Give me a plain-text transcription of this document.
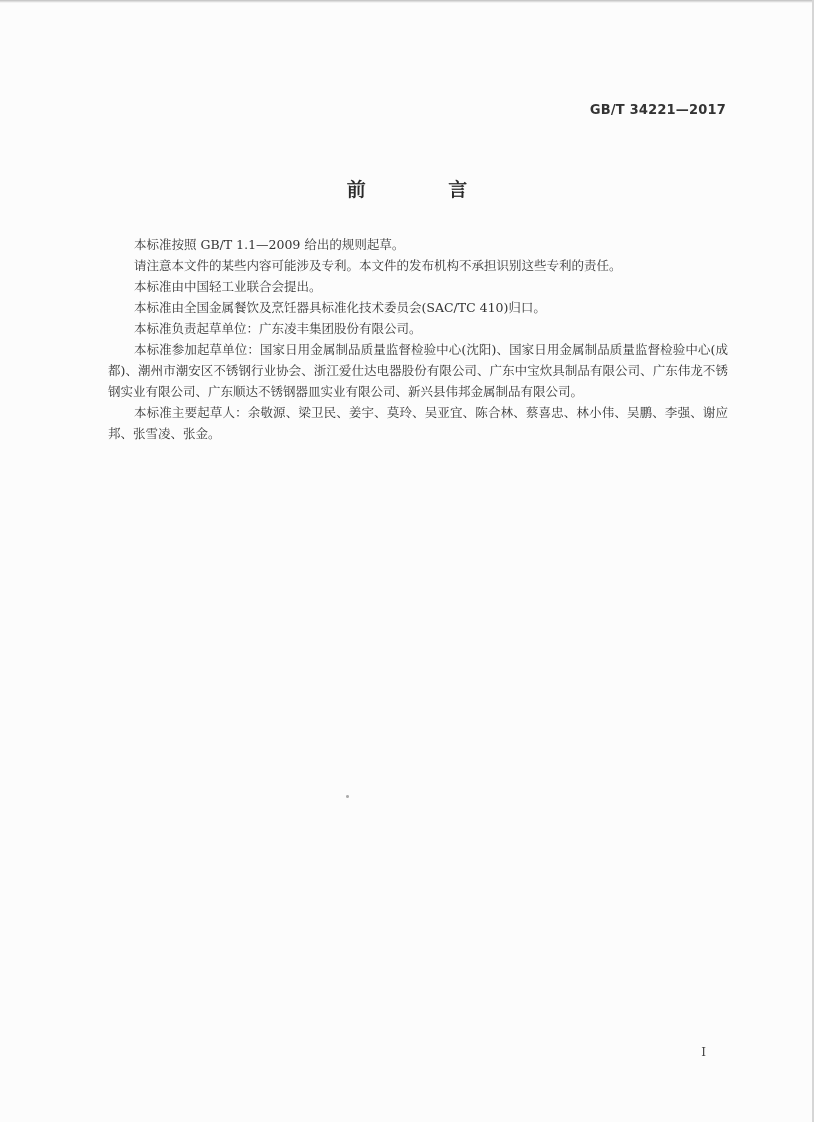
GB/T 34221—2017
前 言

本标准按照 GB/T 1.1—2009 给出的规则起草。

请注意本文件的某些内容可能涉及专利。本文件的发布机构不承担识别这些专利的责任。

本标准由中国轻工业联合会提出。

本标准由全国金属餐饮及烹饪器具标准化技术委员会(SAC/TC 410)归口。

本标准负责起草单位：广东凌丰集团股份有限公司。

本标准参加起草单位：国家日用金属制品质量监督检验中心(沈阳)、国家日用金属制品质量监督检验中心(成都)、潮州市潮安区不锈钢行业协会、浙江爱仕达电器股份有限公司、广东中宝炊具制品有限公司、广东伟龙不锈钢实业有限公司、广东顺达不锈钢器皿实业有限公司、新兴县伟邦金属制品有限公司。

本标准主要起草人：余敬源、梁卫民、姜宇、莫玲、吴亚宜、陈合林、蔡喜忠、林小伟、吴鹏、李强、谢应邦、张雪凌、张金。

I
